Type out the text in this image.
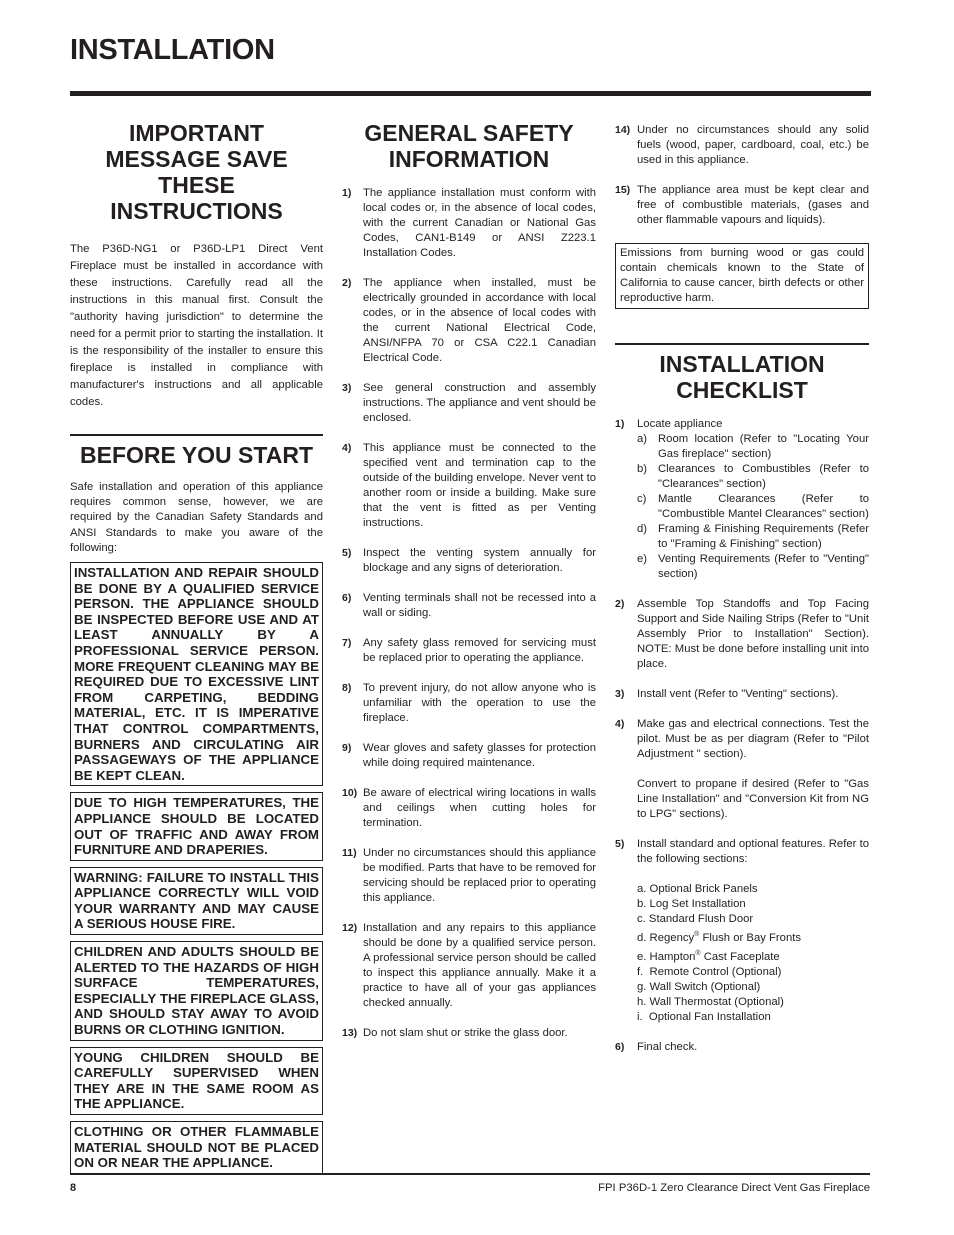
INSTALLATION
IMPORTANT MESSAGE SAVE THESE INSTRUCTIONS

The P36D-NG1 or P36D-LP1 Direct Vent Fireplace must be installed in accordance with these instructions. Carefully read all the instructions in this manual first. Consult the "authority having jurisdiction" to determine the need for a permit prior to starting the installation. It is the responsibility of the installer to ensure this fireplace is installed in compliance with manufacturer's instructions and all applicable codes.

BEFORE YOU START

Safe installation and operation of this appliance requires common sense, however, we are required by the Canadian Safety Standards and ANSI Standards to make you aware of the following:

INSTALLATION AND REPAIR SHOULD BE DONE BY A QUALIFIED SERVICE PERSON. THE APPLIANCE SHOULD BE INSPECTED BEFORE USE AND AT LEAST ANNUALLY BY A PROFESSIONAL SERVICE PERSON. MORE FREQUENT CLEANING MAY BE REQUIRED DUE TO EXCESSIVE LINT FROM CARPETING, BEDDING MATERIAL, ETC. IT IS IMPERATIVE THAT CONTROL COMPARTMENTS, BURNERS AND CIRCULATING AIR PASSAGEWAYS OF THE APPLIANCE BE KEPT CLEAN.
DUE TO HIGH TEMPERATURES, THE APPLIANCE SHOULD BE LOCATED OUT OF TRAFFIC AND AWAY FROM FURNITURE AND DRAPERIES.
WARNING: FAILURE TO INSTALL THIS APPLIANCE CORRECTLY WILL VOID YOUR WARRANTY AND MAY CAUSE A SERIOUS HOUSE FIRE.
CHILDREN AND ADULTS SHOULD BE ALERTED TO THE HAZARDS OF HIGH SURFACE TEMPERATURES, ESPECIALLY THE FIREPLACE GLASS, AND SHOULD STAY AWAY TO AVOID BURNS OR CLOTHING IGNITION.
YOUNG CHILDREN SHOULD BE CAREFULLY SUPERVISED WHEN THEY ARE IN THE SAME ROOM AS THE APPLIANCE.
CLOTHING OR OTHER FLAMMABLE MATERIAL SHOULD NOT BE PLACED ON OR NEAR THE APPLIANCE.
GENERAL SAFETY INFORMATION
1)	The appliance installation must conform with local codes or, in the absence of local codes, with the current Canadian or National Gas Codes, CAN1-B149 or ANSI Z223.1 Installation Codes.
2)	The appliance when installed, must be electrically grounded in accordance with local codes, or in the absence of local codes with the current National Electrical Code, ANSI/NFPA 70 or CSA C22.1 Canadian Electrical Code.
3)	See general construction and assembly instructions. The appliance and vent should be enclosed.
4)	This appliance must be connected to the specified vent and termination cap to the outside of the building envelope. Never vent to another room or inside a building. Make sure that the vent is fitted as per Venting instructions.
5)	Inspect the venting system annually for blockage and any signs of deterioration.
6)	Venting terminals shall not be recessed into a wall or siding.
7)	Any safety glass removed for servicing must be replaced prior to operating the appliance.
8)	To prevent injury, do not allow anyone who is unfamiliar with the operation to use the fireplace.
9)	Wear gloves and safety glasses for protection while doing required maintenance.
10) Be aware of electrical wiring locations in walls and ceilings when cutting holes for termination.
11) Under no circumstances should this appliance be modified. Parts that have to be removed for servicing should be replaced prior to operating this appliance.
12) Installation and any repairs to this appliance should be done by a qualified service person. A professional service person should be called to inspect this appliance annually. Make it a practice to have all of your gas appliances checked annually.
13) Do not slam shut or strike the glass door.
14) Under no circumstances should any solid fuels (wood, paper, cardboard, coal, etc.) be used in this appliance.
15) The appliance area must be kept clear and free of combustible materials, (gases and other flammable vapours and liquids).
Emissions from burning wood or gas could contain chemicals known to the State of California to cause cancer, birth defects or other reproductive harm.
INSTALLATION CHECKLIST
1)	Locate appliance
a) Room location (Refer to "Locating Your Gas fireplace" section)
b) Clearances to Combustibles (Refer to "Clearances" section)
c)	Mantle Clearances (Refer to "Combustible Mantel Clearances" section)
d) Framing & Finishing Requirements (Refer to "Framing & Finishing" section)
e) Venting Requirements (Refer to "Venting" section)
2)	Assemble Top Standoffs and Top Facing Support and Side Nailing Strips (Refer to "Unit Assembly Prior to Installation" Section). NOTE: Must be done before installing unit into place.
3)	Install vent (Refer to "Venting" sections).
4)	Make gas and electrical connections. Test the pilot. Must be as per diagram (Refer to "Pilot Adjustment " section).
Convert to propane if desired (Refer to "Gas Line Installation" and "Conversion Kit from NG to LPG" sections).
5)	Install standard and optional features. Refer to the following sections:
a. Optional Brick Panels
b. Log Set Installation
c. Standard Flush Door
d. Regency® Flush or Bay Fronts
e. Hampton® Cast Faceplate
f.  Remote Control (Optional)
g. Wall Switch (Optional)
h. Wall Thermostat (Optional)
i.  Optional Fan Installation
6)	Final check.
8	FPI P36D-1 Zero Clearance Direct Vent Gas Fireplace
